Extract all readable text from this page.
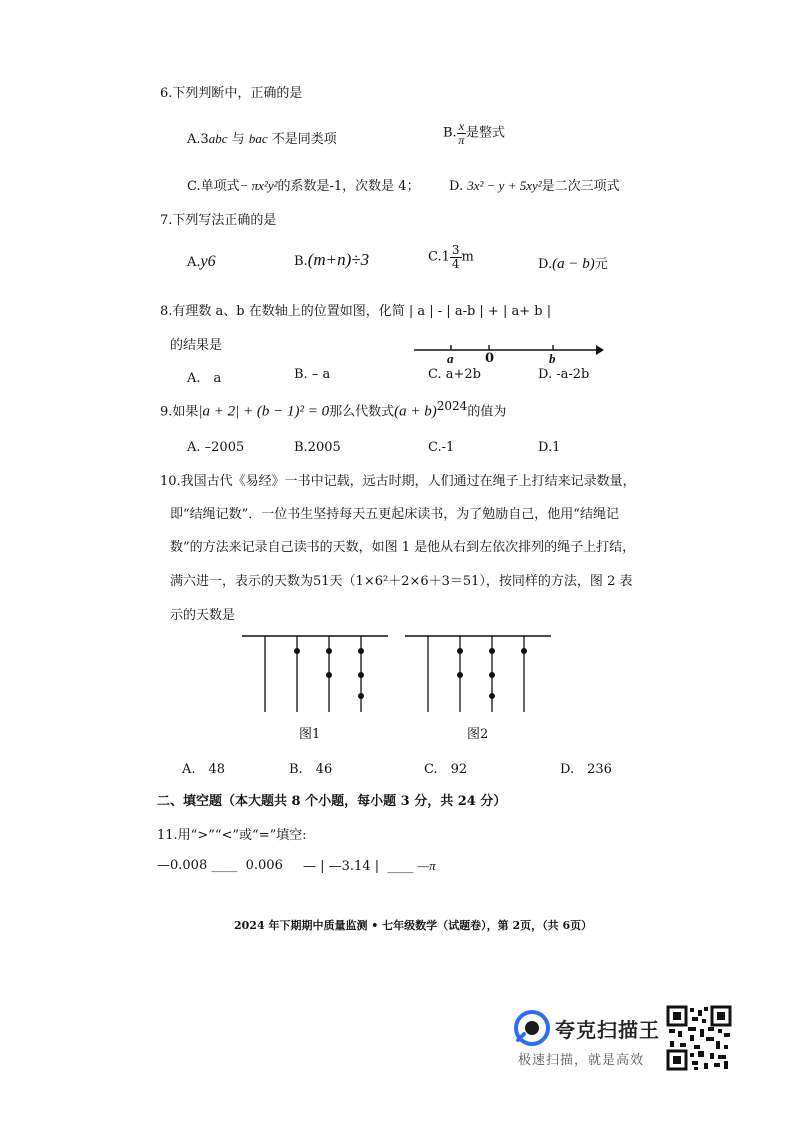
6.下列判断中，正确的是
A.3abc 与 bac 不是同类项	B. $\frac{x}{\pi}$ 是整式
C.单项式− πx²y²的系数是-1，次数是 4； D. 3x² − y + 5xy²是二次三项式
7.下列写法正确的是
A.y6	B.(m+n)÷3	$C.1 \frac{3}{4}$ m	D.(a − b)元
8.有理数 a、b 在数轴上的位置如图，化简 | a | - | a-b | + | a+ b |
的结果是
a 0	b
A.　a	B. – a	C. a+2b	D. -a-2b
9.如果|a + 2| + (b − 1)² = 0那么代数式$(a + b)^{2024}$的值为
A. –2005	B.2005	C.-1	D.1
10.我国古代《易经》一书中记载，远古时期，人们通过在绳子上打结来记录数量，
即“结绳记数”．一位书生坚持每天五更起床读书，为了勉励自己，他用“结绳记
数”的方法来记录自己读书的天数，如图 1 是他从右到左依次排列的绳子上打结，
满六进一，表示的天数为51天（1×6²＋2×6＋3＝51），按同样的方法，图 2 表
示的天数是
图1	图2
A.　48	B.　46	C.　92	D.　236
二、填空题（本大题共 8 个小题，每小题 3 分，共 24 分）
11.用“>”“<”或“=”填空:
—0.008 ____ 0.006 — | —3.14 | ____ —π
2024 年下期期中质量监测 • 七年级数学（试题卷），第 2页，（共 6页）
夸克扫描王
极速扫描，就是高效
